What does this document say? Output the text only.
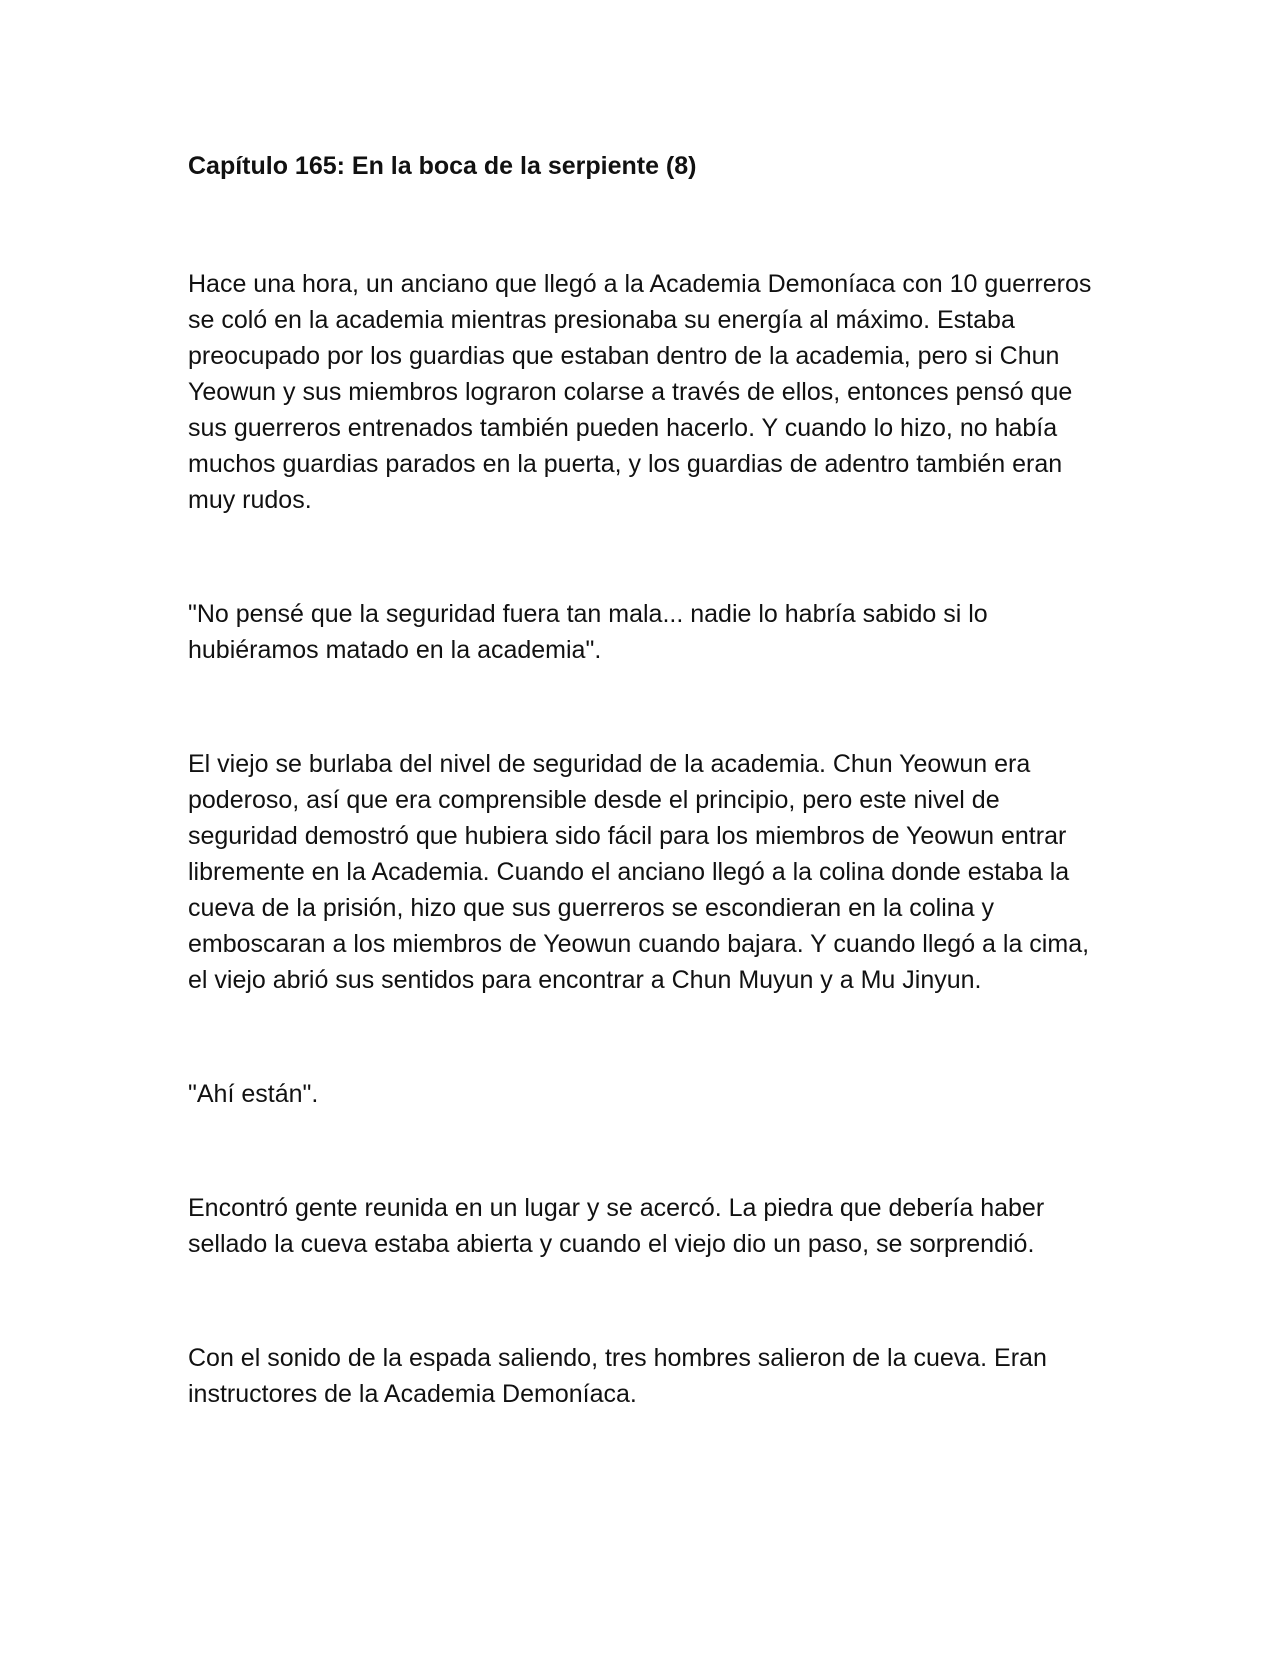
Capítulo 165: En la boca de la serpiente (8)

Hace una hora, un anciano que llegó a la Academia Demoníaca con 10 guerreros se coló en la academia mientras presionaba su energía al máximo. Estaba preocupado por los guardias que estaban dentro de la academia, pero si Chun Yeowun y sus miembros lograron colarse a través de ellos, entonces pensó que sus guerreros entrenados también pueden hacerlo. Y cuando lo hizo, no había muchos guardias parados en la puerta, y los guardias de adentro también eran muy rudos.

"No pensé que la seguridad fuera tan mala... nadie lo habría sabido si lo hubiéramos matado en la academia".

El viejo se burlaba del nivel de seguridad de la academia. Chun Yeowun era poderoso, así que era comprensible desde el principio, pero este nivel de seguridad demostró que hubiera sido fácil para los miembros de Yeowun entrar libremente en la Academia. Cuando el anciano llegó a la colina donde estaba la cueva de la prisión, hizo que sus guerreros se escondieran en la colina y emboscaran a los miembros de Yeowun cuando bajara. Y cuando llegó a la cima, el viejo abrió sus sentidos para encontrar a Chun Muyun y a Mu Jinyun.

"Ahí están".

Encontró gente reunida en un lugar y se acercó. La piedra que debería haber sellado la cueva estaba abierta y cuando el viejo dio un paso, se sorprendió.

Con el sonido de la espada saliendo, tres hombres salieron de la cueva. Eran instructores de la Academia Demoníaca.
